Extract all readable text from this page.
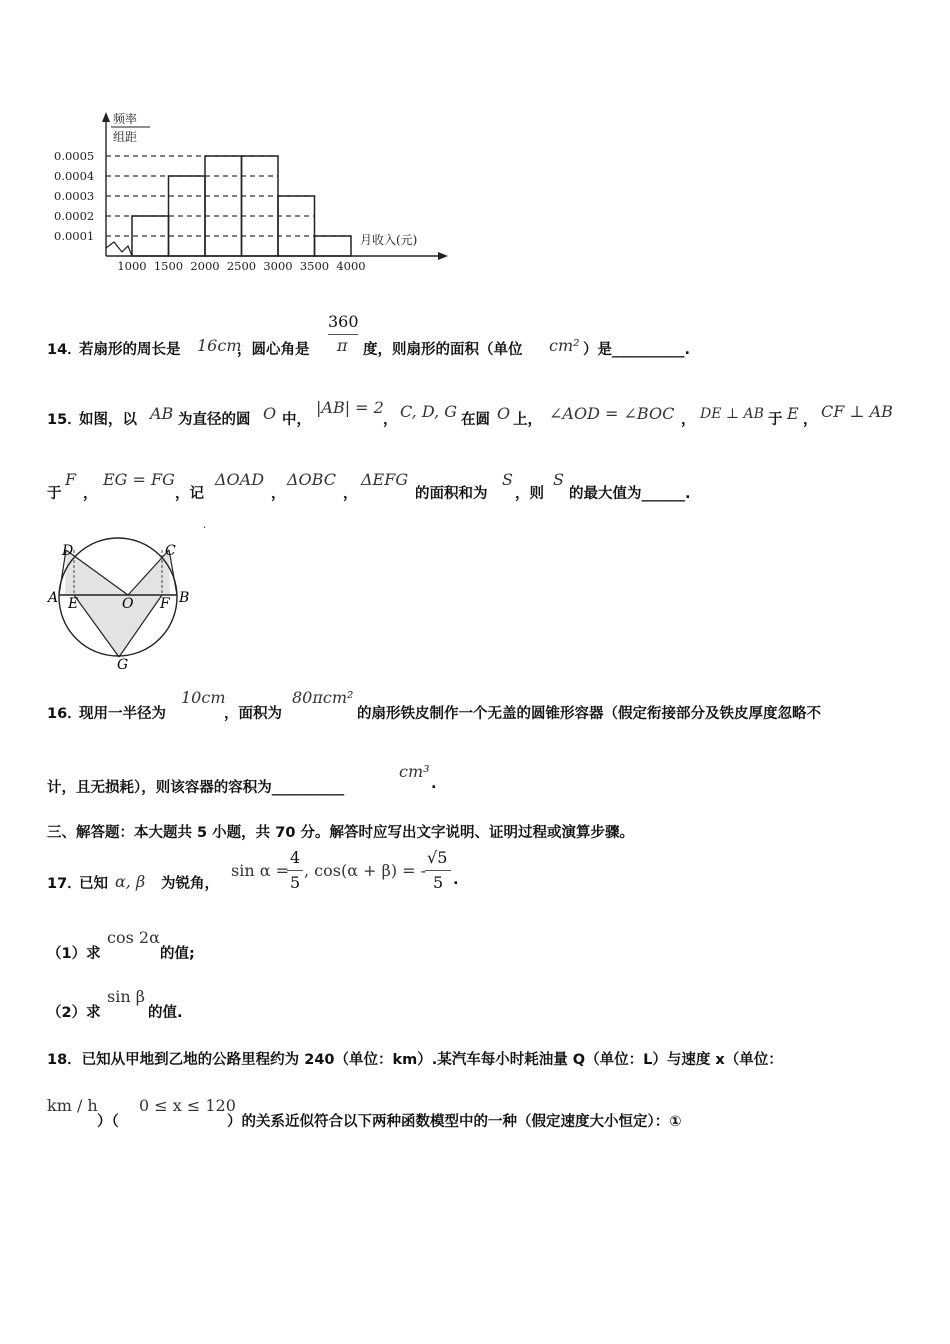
频率
组距
0.0005
0.0004
0.0003
0.0002
0.0001
1000 1500 2000 2500 3000 3500 4000
月收入(元)
14．
若扇形的周长是 16cm
，圆心角是
360
π 度，则扇形的面积（单位 cm² ）是__________.
15．
如图，以 AB 为直径的圆 O 中，
|AB| = 2
， C, D, G 在圆 O 上， ∠AOD = ∠BOC ， DE ⊥ AB 于 E ， CF ⊥ AB
于
F
，
EG = FG
，记
ΔOAD
，
ΔOBC
，
ΔEFG
的面积和为
S
，则
S
的最大值为______.
.
D	C
A E	O F B
G
16．
现用一半径为
10cm
，面积为
80πcm²
的扇形铁皮制作一个无盖的圆锥形容器（假定衔接部分及铁皮厚度忽略不
计，且无损耗），则该容器的容积为__________
cm³
.
三、解答题：本大题共 5 小题，共 70 分。解答时应写出文字说明、证明过程或演算步骤。
17．
已知 α, β 为锐角，
sin α =
4
5
, cos(α + β) = -
√5
5 .
（1）求
cos 2α
的值;
（2）求
sin β
的值.
18．已知从甲地到乙地的公路里程约为 240（单位：km）.某汽车每小时耗油量 Q（单位：L）与速度 x（单位：
km / h
）（
0 ≤ x ≤ 120
）的关系近似符合以下两种函数模型中的一种（假定速度大小恒定）：①
